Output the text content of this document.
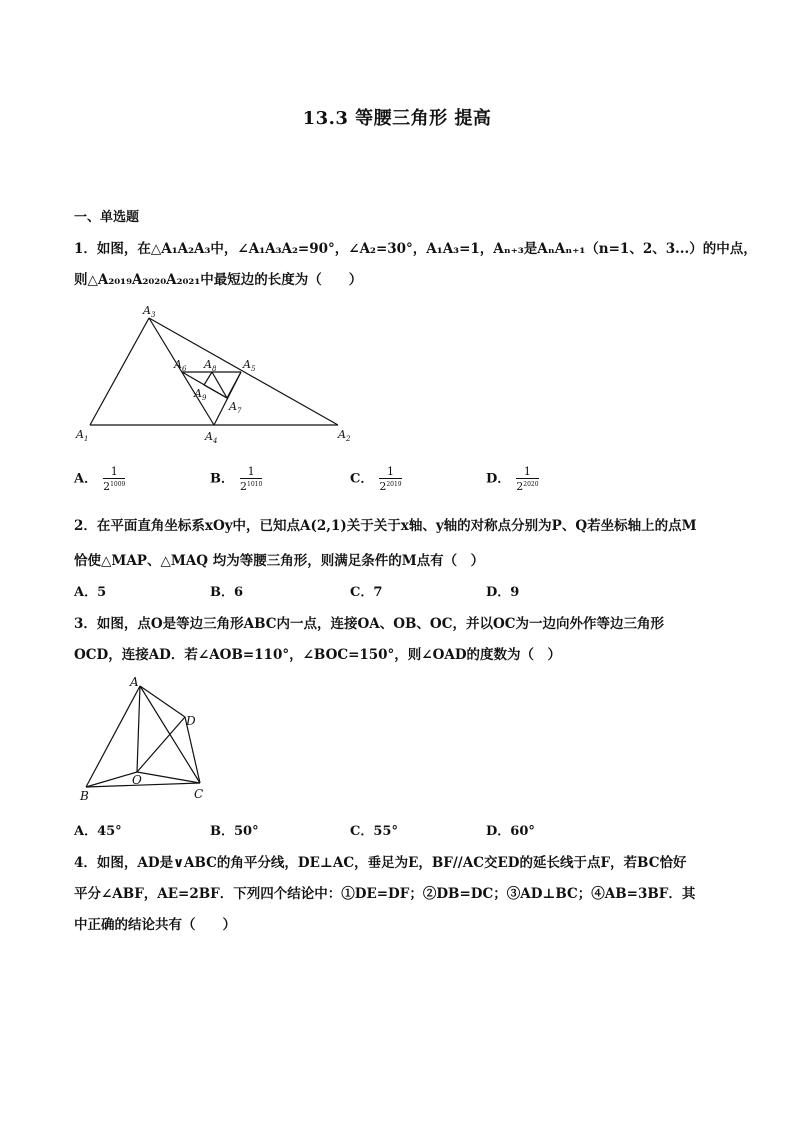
13.3 等腰三角形 提高
一、单选题
1．如图，在△A₁A₂A₃中，∠A₁A₃A₂=90°，∠A₂=30°，A₁A₃=1，Aₙ₊₃是AₙAₙ₊₁（n=1、2、3...）的中点，
则△A₂₀₁₉A₂₀₂₀A₂₀₂₁中最短边的长度为（　　）
$A_1$	$A_2$
$A_3$
$A_4$
$A_5$
$A_6$
$A_7$
$A_8$
$A_9$
A． $\frac{1}{2^{1009}}$	B． $\frac{1}{2^{1010}}$	C． $\frac{1}{2^{2019}}$	D． $\frac{1}{2^{2020}}$
2．在平面直角坐标系xOy中，已知点A(2,1)关于关于x轴、y轴的对称点分别为P、Q若坐标轴上的点M
恰使△MAP、△MAQ 均为等腰三角形，则满足条件的M点有（　）
A．5	B．6	C．7	D．9
3．如图，点O是等边三角形ABC内一点，连接OA、OB、OC，并以OC为一边向外作等边三角形
OCD，连接AD．若∠AOB=110°，∠BOC=150°，则∠OAD的度数为（　）
A
B	C
D
O
A．45°	B．50°	C．55°	D．60°
4．如图，AD是∨ABC的角平分线，DE⊥AC，垂足为E，BF//AC交ED的延长线于点F，若BC恰好
平分∠ABF，AE=2BF．下列四个结论中：①DE=DF；②DB=DC；③AD⊥BC；④AB=3BF．其
中正确的结论共有（　　）
